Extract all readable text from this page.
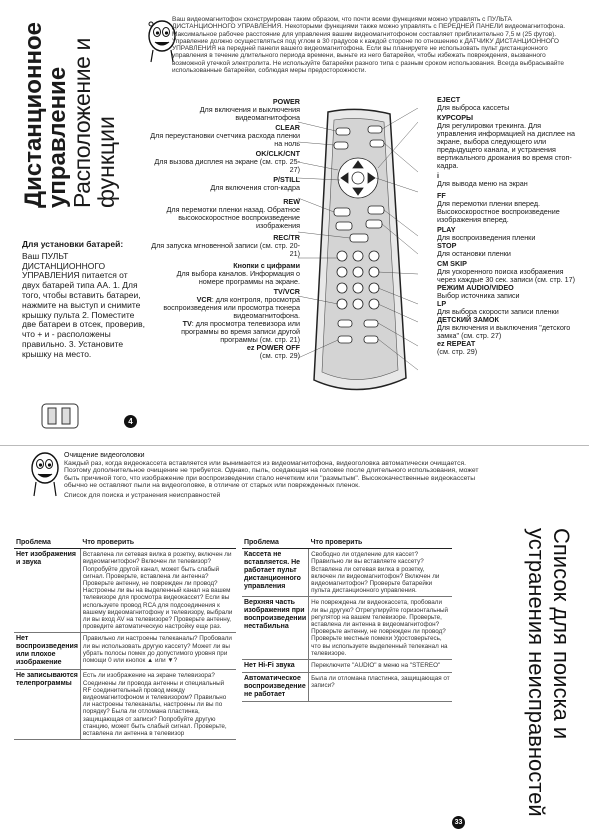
Дистанционное
управление
Расположение и
функции
Ваш видеомагнитофон сконструирован таким образом, что почти всеми функциями можно управлять с ПУЛЬТА ДИСТАНЦИОННОГО УПРАВЛЕНИЯ. Некоторыми функциями также можно управлять с ПЕРЕДНЕЙ ПАНЕЛИ видеомагнитофона. Максимальное рабочее расстояние для управления вашим видеомагнитофоном составляет приблизительно 7,5 м (25 футов). Управление должно осуществляться под углом в 30 градусов к каждой стороне по отношению к ДАТЧИКУ ДИСТАНЦИОННОГО УПРАВЛЕНИЯ на передней панели вашего видеомагнитофона. Если вы планируете не использовать пульт дистанционного управления в течение длительного периода времени, выньте из него батарейки, чтобы избежать повреждения, вызванного возможной утечкой электролита. Не используйте батарейки разного типа с разным сроком использования. Всегда выбрасывайте использованные батарейки, соблюдая меры предосторожности.
Для установки батарей:

Ваш ПУЛЬТ ДИСТАНЦИОННОГО УПРАВЛЕНИЯ питается от двух батарей типа АА. 1. Для того, чтобы вставить батареи, нажмите на выступ и снимите крышку пульта 2. Поместите две батареи в отсек, проверив, что + и - расположены правильно. 3. Установите крышку на место.

POWER
Для включения и выключения видеомагнитофона
CLEAR
Для переустановки счетчика расхода пленки на ноль
OK/CLK/CNT
Для вызова дисплея на экране (см. стр. 25-27)
P/STILL
Для включения стоп-кадра
REW
Для перемотки пленки назад. Обратное высокоскоростное воспроизведение изображения
REC/TR
Для запуска мгновенной записи (см. стр. 20-21)
Кнопки с цифрами
Для выбора каналов. Информация о номере программы на экране.
TV/VCR
VCR: для контроля, просмотра воспроизведения или просмотра тюнера видеомагнитофона.
TV: для просмотра телевизора или программы во время записи другой программы (см. стр. 21)
ez POWER OFF
(см. стр. 29)
EJECT
Для выброса кассеты
КУРСОРЫ
Для регулировки трекинга. Для управления информацией на дисплее на экране, выбора следующего или предыдущего канала, и устранения вертикального дрожания во время стоп-кадра.
i
Для вывода меню на экран
FF
Для перемотки пленки вперед. Высокоскоростное воспроизведение изображения вперед.
PLAY
Для воспроизведения пленки
STOP
Для остановки пленки
CM SKIP
Для ускоренного поиска изображения через каждые 30 сек. записи (см. стр. 17)
РЕЖИМ AUDIO/VIDEO
Выбор источника записи
LP
Для выбора скорости записи пленки
ДЕТСКИЙ ЗАМОК
Для включения и выключения "детского замка" (см. стр. 27)
ez REPEAT
(см. стр. 29)
4
Очищение видеоголовки
Каждый раз, когда видеокассета вставляется или вынимается из видеомагнитофона, видеоголовка автоматически очищается. Поэтому дополнительное очищение не требуется. Однако, пыль, оседающая на головке после длительного использования, может быть причиной того, что изображение при воспроизведении стало нечетким или "размытым". Высококачественные видеокассеты обычно не оставляют пыли на видеоголовке, в отличие от старых или поврежденных пленок.
Список для поиска и устранения неисправностей
Список для поиска и
устранения неисправностей
Проблема	Что проверить
Нет изображения и звука	Вставлена ли сетевая вилка в розетку, включен ли видеомагнитофон? Включен ли телевизор? Попробуйте другой канал, может быть слабый сигнал. Проверьте, вставлена ли антенна? Проверьте антенну, не поврежден ли провод? Настроены ли вы на выделенный канал на вашем телевизоре для просмотра видеокассет? Если вы используете провод RCA для подсоединения к вашему видеомагнитофону и телевизору, выбрали ли вы вход AV на телевизоре? Проверьте антенну, проведите автоматическую настройку еще раз.
Нет воспроизведения или плохое изображение	Правильно ли настроены телеканалы? Пробовали ли вы использовать другую кассету? Может ли вы убрать полосы помех до допустимого уровня при помощи 0 или кнопок ▲ или ▼?
Не записываются телепрограммы	Есть ли изображение на экране телевизора? Соединены ли провода антенны и специальный RF соединительный провод между видеомагнитофоном и телевизором? Правильно ли настроены телеканалы, настроены ли вы по порядку? Была ли отломана пластинка, защищающая от записи? Попробуйте другую станцию, может быть слабый сигнал. Проверьте, вставлена ли антенна в телевизор
Проблема	Что проверить
Кассета не вставляется. Не работает пульт дистанционного управления	Свободно ли отделение для кассет? Правильно ли вы вставляете кассету? Вставлена ли сетевая вилка в розетку, включен ли видеомагнитофон? Включен ли видеомагнитофон? Проверьте батарейки пульта дистанционного управления.
Верхняя часть изображения при воспроизведении нестабильна	Не повреждена ли видеокассета, пробовали ли вы другую? Отрегулируйте горизонтальный регулятор на вашем телевизоре. Проверьте, вставлена ли антенна в видеомагнитофон? Проверьте антенну, не поврежден ли провод? Проверьте местные помехи Удостоверьтесь, что вы используете выделенный телеканал на телевизоре.
Нет Hi-Fi звука	Переключите "AUDIO" в меню на "STEREO"
Автоматическое воспроизведение не работает	Была ли отломана пластинка, защищающая от записи?
33
